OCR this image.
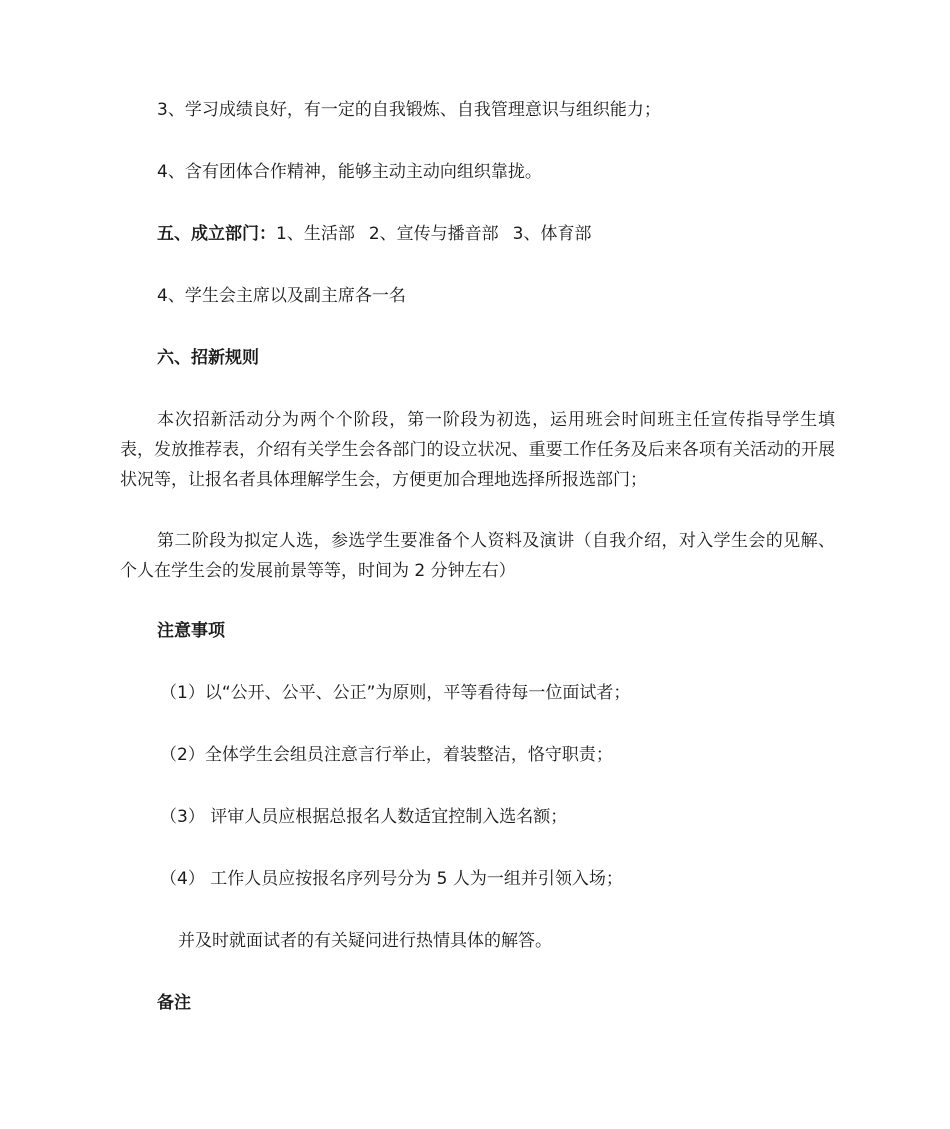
3、学习成绩良好，有一定的自我锻炼、自我管理意识与组织能力；
4、含有团体合作精神，能够主动主动向组织靠拢。
五、成立部门：1、生活部 2、宣传与播音部 3、体育部
4、学生会主席以及副主席各一名
六、招新规则
本次招新活动分为两个个阶段，第一阶段为初选，运用班会时间班主任宣传指导学生填表，发放推荐表，介绍有关学生会各部门的设立状况、重要工作任务及后来各项有关活动的开展状况等，让报名者具体理解学生会，方便更加合理地选择所报选部门；
第二阶段为拟定人选，参选学生要准备个人资料及演讲（自我介绍，对入学生会的见解、个人在学生会的发展前景等等，时间为 2 分钟左右）
注意事项
（1）以“公开、公平、公正”为原则，平等看待每一位面试者；
（2）全体学生会组员注意言行举止，着装整洁，恪守职责；
（3） 评审人员应根据总报名人数适宜控制入选名额；
（4） 工作人员应按报名序列号分为 5 人为一组并引领入场；
并及时就面试者的有关疑问进行热情具体的解答。
备注
